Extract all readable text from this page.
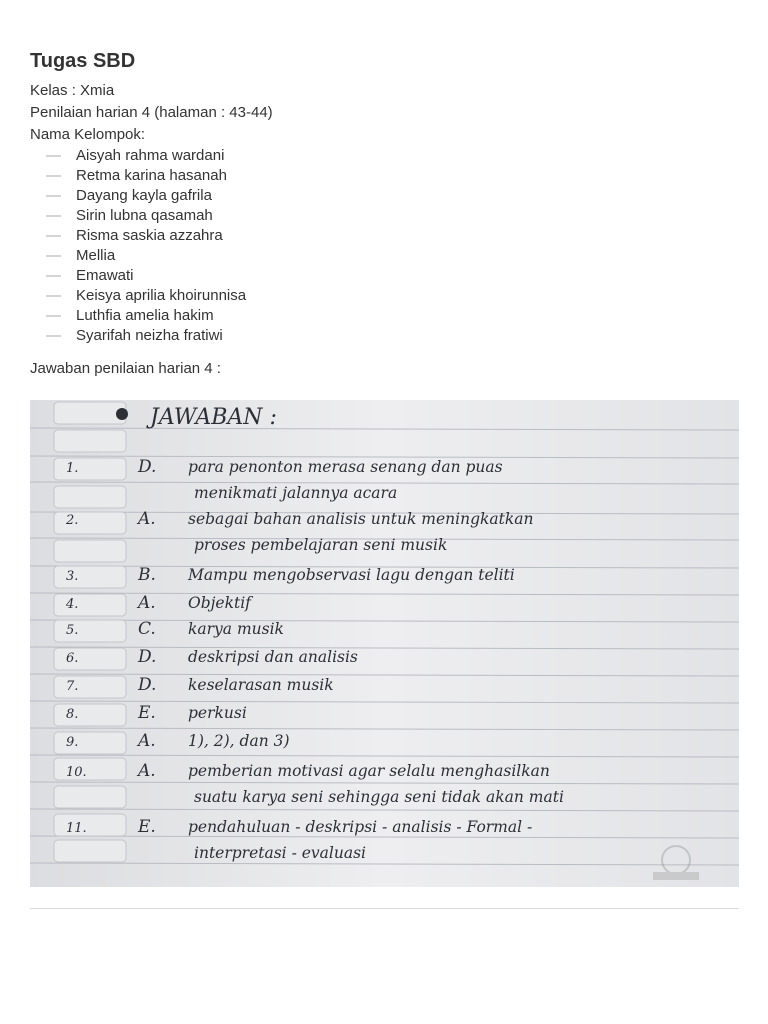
Tugas SBD
Kelas : Xmia
Penilaian harian 4 (halaman : 43-44)
Nama Kelompok:
— Aisyah rahma wardani
— Retma karina hasanah
— Dayang kayla gafrila
— Sirin lubna qasamah
— Risma saskia azzahra
— Mellia
— Emawati
— Keisya aprilia khoirunnisa
— Luthfia amelia hakim
— Syarifah neizha fratiwi
Jawaban penilaian harian 4 :
1.	D. para penonton merasa senang dan puas
menikmati jalannya acara
2.	A. sebagai bahan analisis untuk meningkatkan
proses pembelajaran seni musik
3.	B. Mampu mengobservasi lagu dengan teliti
4.	A. Objektif
5.	C. karya musik
6.	D. deskripsi dan analisis
7.	D. keselarasan musik
8.	E. perkusi
9.	A. 1), 2), dan 3)
10.	A. pemberian motivasi agar selalu menghasilkan
suatu karya seni sehingga seni tidak akan mati
11.	E. pendahuluan - deskripsi - analisis - Formal -
interpretasi - evaluasi
JAWABAN :
